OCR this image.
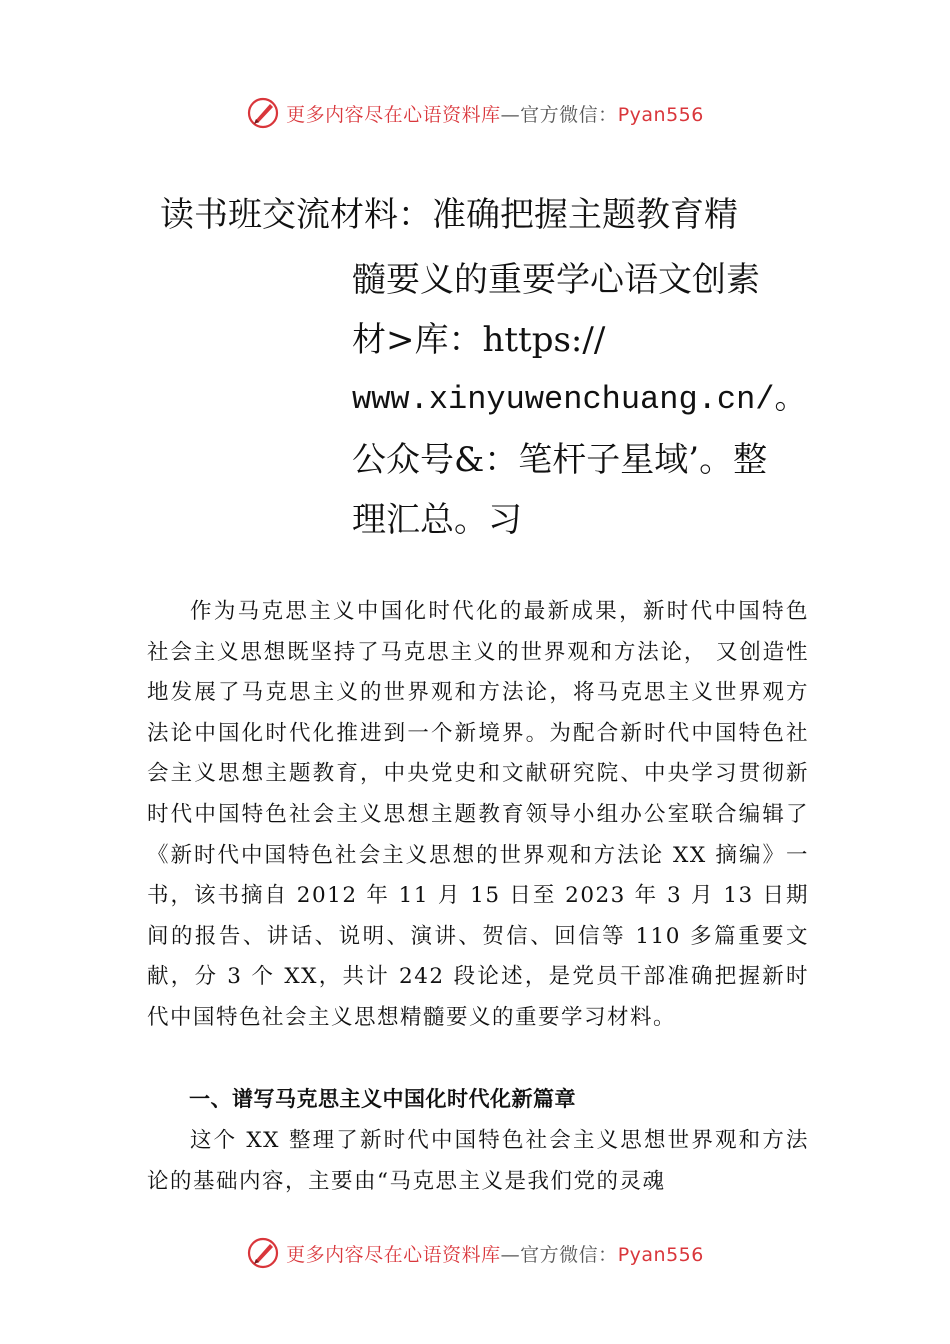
更多内容尽在心语资料库—官方微信：Pyan556
读书班交流材料：准确把握主题教育精
髓要义的重要学心语文创素
材>库：https://
www.xinyuwenchuang.cn/。
公众号&：笔杆子星域’。整
理汇总。习

作为马克思主义中国化时代化的最新成果，新时代中国特色社会主义思想既坚持了马克思主义的世界观和方法论， 又创造性地发展了马克思主义的世界观和方法论，将马克思主义世界观方法论中国化时代化推进到一个新境界。为配合新时代中国特色社会主义思想主题教育，中央党史和文献研究院、中央学习贯彻新时代中国特色社会主义思想主题教育领导小组办公室联合编辑了《新时代中国特色社会主义思想的世界观和方法论 XX 摘编》一书，该书摘自 2012 年 11 月 15 日至 2023 年 3 月 13 日期间的报告、讲话、说明、演讲、贺信、回信等 110 多篇重要文献，分 3 个 XX，共计 242 段论述，是党员干部准确把握新时代中国特色社会主义思想精髓要义的重要学习材料。

一、谱写马克思主义中国化时代化新篇章

这个 XX 整理了新时代中国特色社会主义思想世界观和方法论的基础内容，主要由“马克思主义是我们党的灵魂

更多内容尽在心语资料库—官方微信：Pyan556
